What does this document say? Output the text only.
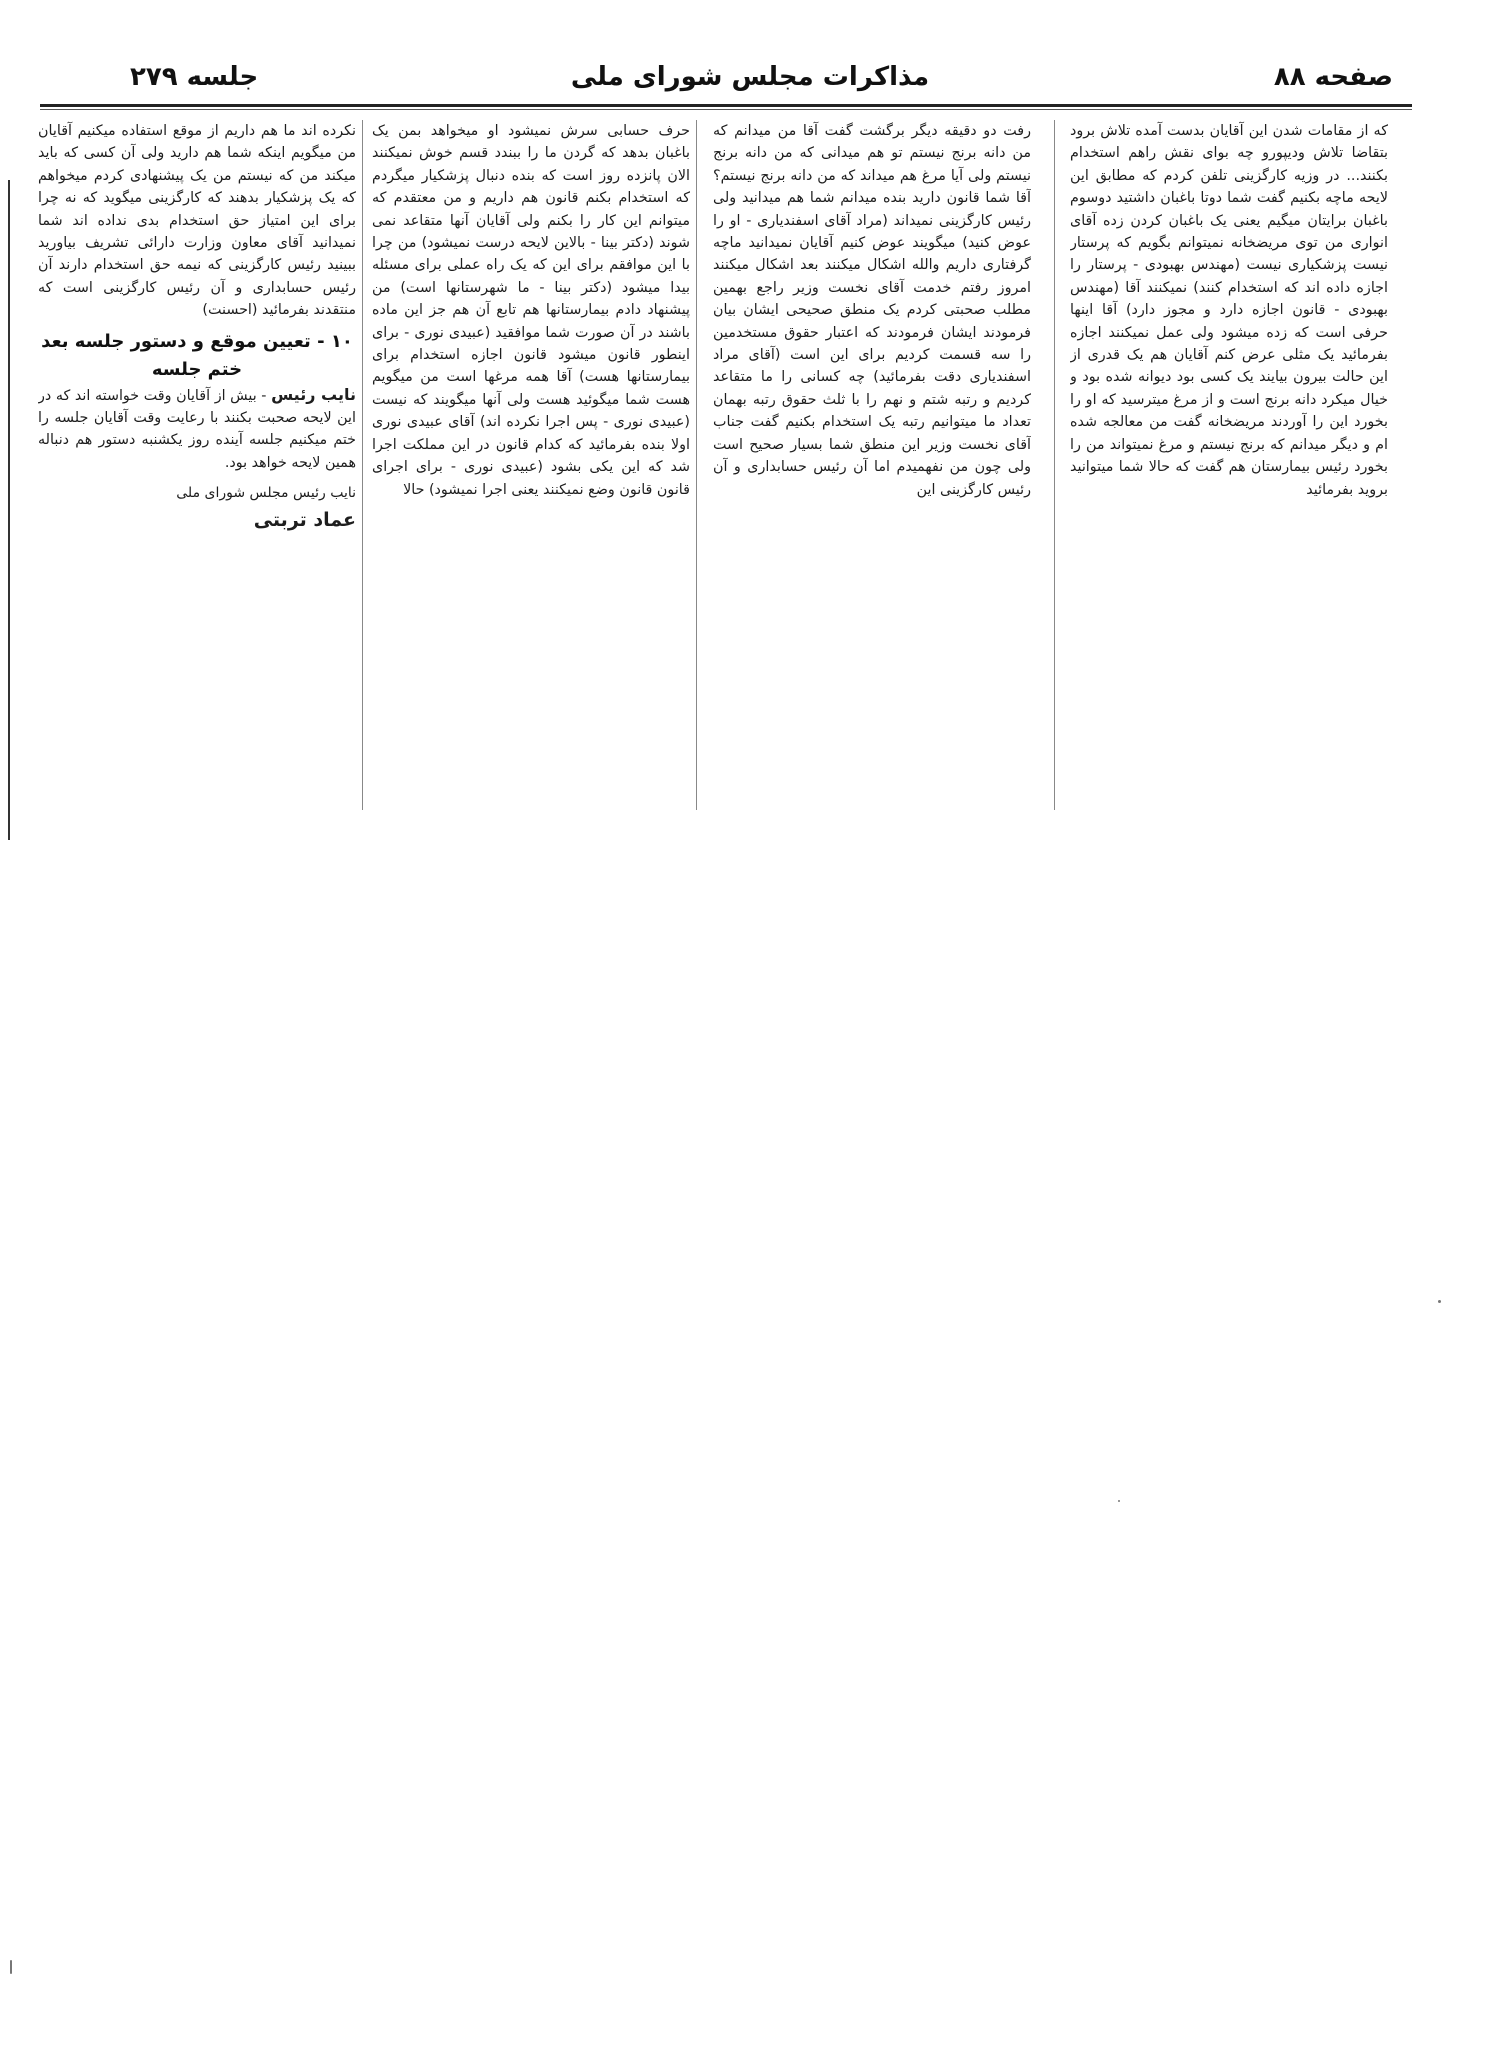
صفحه ۸۸
مذاکرات مجلس شورای ملی
جلسه ۲۷۹

که از مقامات شدن این آقایان بدست آمده تلاش برود بتقاضا تلاش وديپورو چه بوای نقش راهم استخدام بکنند... در وزیه کارگزینی تلفن کردم که مطابق این لایحه ماچه بکنیم گفت شما دوتا باغبان داشتید دوسوم باغبان برایتان میگیم یعنی یک باغبان کردن زده آقای انواری من توی مریضخانه نمیتوانم بگویم که پرستار نیست پزشکیاری نیست (مهندس بهبودی - پرستار را اجازه داده اند که استخدام کنند) نمیکنند آقا (مهندس بهبودی - قانون اجازه دارد و مجوز دارد) آقا اینها حرفی است که زده میشود ولی عمل نمیکنند اجازه بفرمائید یک مثلی عرض کنم آقایان هم یک قدری از این حالت بیرون بیایند یک کسی بود دیوانه شده بود و خیال میکرد دانه برنج است و از مرغ میترسید که او را بخورد این را آوردند مریضخانه گفت من معالجه شده ام و دیگر میدانم که برنج نیستم و مرغ نمیتواند من را بخورد رئیس بیمارستان هم گفت که حالا شما میتوانید بروید بفرمائید

رفت دو دقیقه دیگر برگشت گفت آقا من میدانم که من دانه برنج نیستم تو هم میدانی که من دانه برنج نیستم ولی آیا مرغ هم میداند که من دانه برنج نیستم؟ آقا شما قانون دارید بنده میدانم شما هم میدانید ولی رئیس کارگزینی نمیداند (مراد آقای اسفندیاری - او را عوض کنید) میگویند عوض کنیم آقایان نمیدانید ماچه گرفتاری داریم والله اشکال میکنند بعد اشکال میکنند امروز رفتم خدمت آقای نخست وزیر راجع بهمین مطلب صحبتی کردم یک منطق صحیحی ایشان بیان فرمودند ایشان فرمودند که اعتبار حقوق مستخدمین را سه قسمت کردیم برای این است (آقای مراد اسفندیاری دقت بفرمائید) چه کسانی را ما متقاعد کردیم و رتبه شتم و نهم را با ثلث حقوق رتبه بهمان تعداد ما میتوانیم رتبه یک استخدام بکنیم گفت جناب آقای نخست وزیر این منطق شما بسیار صحیح است ولی چون من نفهمیدم اما آن رئیس حسابداری و آن رئیس کارگزینی این

حرف حسابی سرش نمیشود او میخواهد بمن یک باغبان بدهد که گردن ما را ببندد قسم خوش نمیکنند الان پانزده روز است که بنده دنبال پزشکیار میگردم که استخدام بکنم قانون هم داریم و من معتقدم که میتوانم این کار را بکنم ولی آقایان آنها متقاعد نمی شوند (دکتر بینا - بالاین لایحه درست نمیشود) من چرا با این موافقم برای این که یک راه عملی برای مسئله بیدا میشود (دکتر بینا - ما شهرستانها است) من پیشنهاد دادم بیمارستانها هم تابع آن هم جز این ماده باشند در آن صورت شما موافقید (عبیدی نوری - برای اینطور قانون میشود قانون اجازه استخدام برای بیمارستانها هست) آقا همه مرغها است من میگویم هست شما میگوئید هست ولی آنها میگویند که نیست (عبیدی نوری - پس اجرا نکرده اند) آقای عبیدی نوری اولا بنده بفرمائید که کدام قانون در این مملکت اجرا شد که این یکی بشود (عبیدی نوری - برای اجرای قانون قانون وضع نمیکنند یعنی اجرا نمیشود) حالا

نکرده اند ما هم داریم از موقع استفاده میکنیم آقایان من میگویم اینکه شما هم دارید ولی آن کسی که باید میکند من که نیستم من یک پیشنهادی کردم میخواهم که یک پزشکیار بدهند که کارگزینی میگوید که نه چرا برای این امتیاز حق استخدام بدی نداده اند شما نمیدانید آقای معاون وزارت دارائی تشریف بیاورید ببینید رئیس کارگزینی که نیمه حق استخدام دارند آن رئیس حسابداری و آن رئیس کارگزینی است که منتقدند بفرمائید (احسنت)

۱۰ - تعیین موقع و دستور جلسه بعد ختم جلسه

نایب رئیس - بیش از آقایان وقت خواسته اند که در این لایحه صحبت بکنند با رعایت وقت آقایان جلسه را ختم میکنیم جلسه آینده روز یکشنبه دستور هم دنباله همین لایحه خواهد بود.

نایب رئیس مجلس شورای ملی
عماد تربتی
